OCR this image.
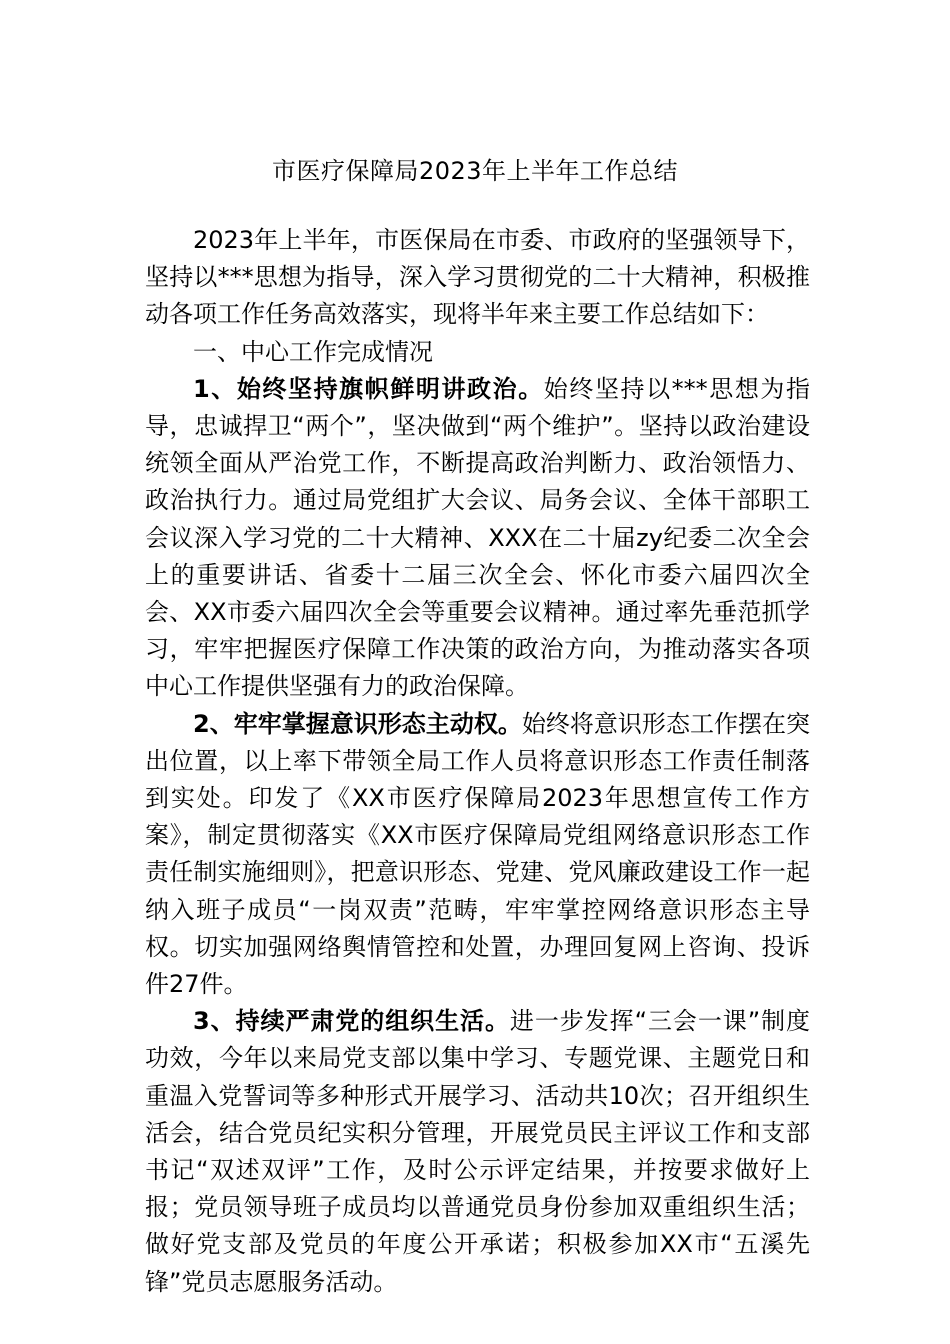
市医疗保障局2023年上半年工作总结

2023年上半年，市医保局在市委、市政府的坚强领导下，坚持以***思想为指导，深入学习贯彻党的二十大精神，积极推动各项工作任务高效落实，现将半年来主要工作总结如下：

一、中心工作完成情况

1、始终坚持旗帜鲜明讲政治。始终坚持以***思想为指导，忠诚捍卫“两个”，坚决做到“两个维护”。坚持以政治建设统领全面从严治党工作，不断提高政治判断力、政治领悟力、政治执行力。通过局党组扩大会议、局务会议、全体干部职工会议深入学习党的二十大精神、XXX在二十届zy纪委二次全会上的重要讲话、省委十二届三次全会、怀化市委六届四次全会、XX市委六届四次全会等重要会议精神。通过率先垂范抓学习，牢牢把握医疗保障工作决策的政治方向，为推动落实各项中心工作提供坚强有力的政治保障。

2、牢牢掌握意识形态主动权。始终将意识形态工作摆在突出位置，以上率下带领全局工作人员将意识形态工作责任制落到实处。印发了《XX市医疗保障局2023年思想宣传工作方案》，制定贯彻落实《XX市医疗保障局党组网络意识形态工作责任制实施细则》，把意识形态、党建、党风廉政建设工作一起纳入班子成员“一岗双责”范畴，牢牢掌控网络意识形态主导权。切实加强网络舆情管控和处置，办理回复网上咨询、投诉件27件。

3、持续严肃党的组织生活。进一步发挥“三会一课”制度功效，今年以来局党支部以集中学习、专题党课、主题党日和重温入党誓词等多种形式开展学习、活动共10次；召开组织生活会，结合党员纪实积分管理，开展党员民主评议工作和支部书记“双述双评”工作，及时公示评定结果，并按要求做好上报；党员领导班子成员均以普通党员身份参加双重组织生活；做好党支部及党员的年度公开承诺；积极参加XX市“五溪先锋”党员志愿服务活动。
